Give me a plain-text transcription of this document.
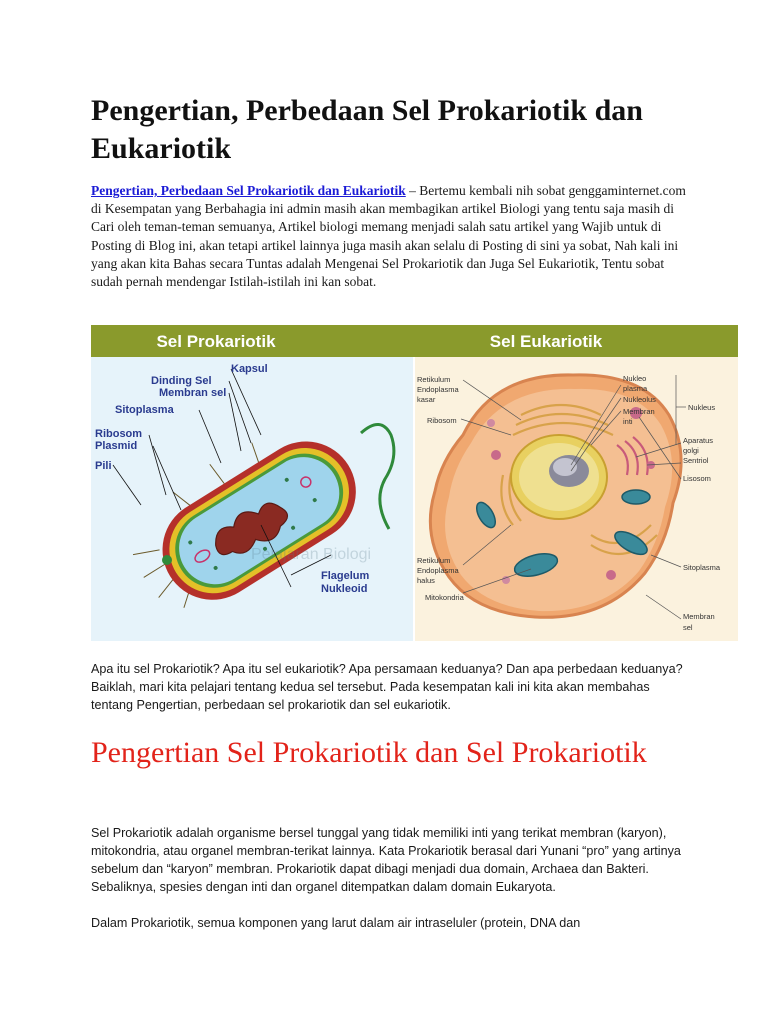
Pengertian, Perbedaan Sel Prokariotik dan Eukariotik

Pengertian, Perbedaan Sel Prokariotik dan Eukariotik – Bertemu kembali nih sobat genggaminternet.com di Kesempatan yang Berbahagia ini admin masih akan membagikan artikel Biologi yang tentu saja masih di Cari oleh teman-teman semuanya, Artikel biologi memang menjadi salah satu artikel yang Wajib untuk di Posting di Blog ini, akan tetapi artikel lainnya juga masih akan selalu di Posting di sini ya sobat, Nah kali ini yang akan kita Bahas secara Tuntas adalah Mengenai Sel Prokariotik dan Juga Sel Eukariotik, Tentu sobat sudah pernah mendengar Istilah-istilah ini kan sobat.

Sel Prokariotik	Sel Eukariotik
Kapsul
Dinding Sel
Membran sel
Sitoplasma
Ribosom
Plasmid
Pili
Flagelum
Nukleoid
Pelajaran Biologi
Retikulum
Endoplasma
kasar
Ribosom
Nukleo
plasma
Nukleolus
Membran
inti
Nukleus
Aparatus
golgi
Sentriol
Lisosom
Retikulum
Endoplasma
halus
Sitoplasma
Mitokondria
Membran
sel

Apa itu sel Prokariotik? Apa itu sel eukariotik? Apa persamaan keduanya? Dan apa perbedaan keduanya? Baiklah, mari kita pelajari tentang kedua sel tersebut. Pada kesempatan kali ini kita akan membahas tentang Pengertian, perbedaan sel prokariotik dan sel eukariotik.

Pengertian Sel Prokariotik dan Sel Prokariotik

Sel Prokariotik adalah organisme bersel tunggal yang tidak memiliki inti yang terikat membran (karyon), mitokondria, atau organel membran-terikat lainnya. Kata Prokariotik berasal dari Yunani “pro” yang artinya sebelum dan “karyon” membran. Prokariotik dapat dibagi menjadi dua domain, Archaea dan Bakteri. Sebaliknya, spesies dengan inti dan organel ditempatkan dalam domain Eukaryota.

Dalam Prokariotik, semua komponen yang larut dalam air intraseluler (protein, DNA dan
